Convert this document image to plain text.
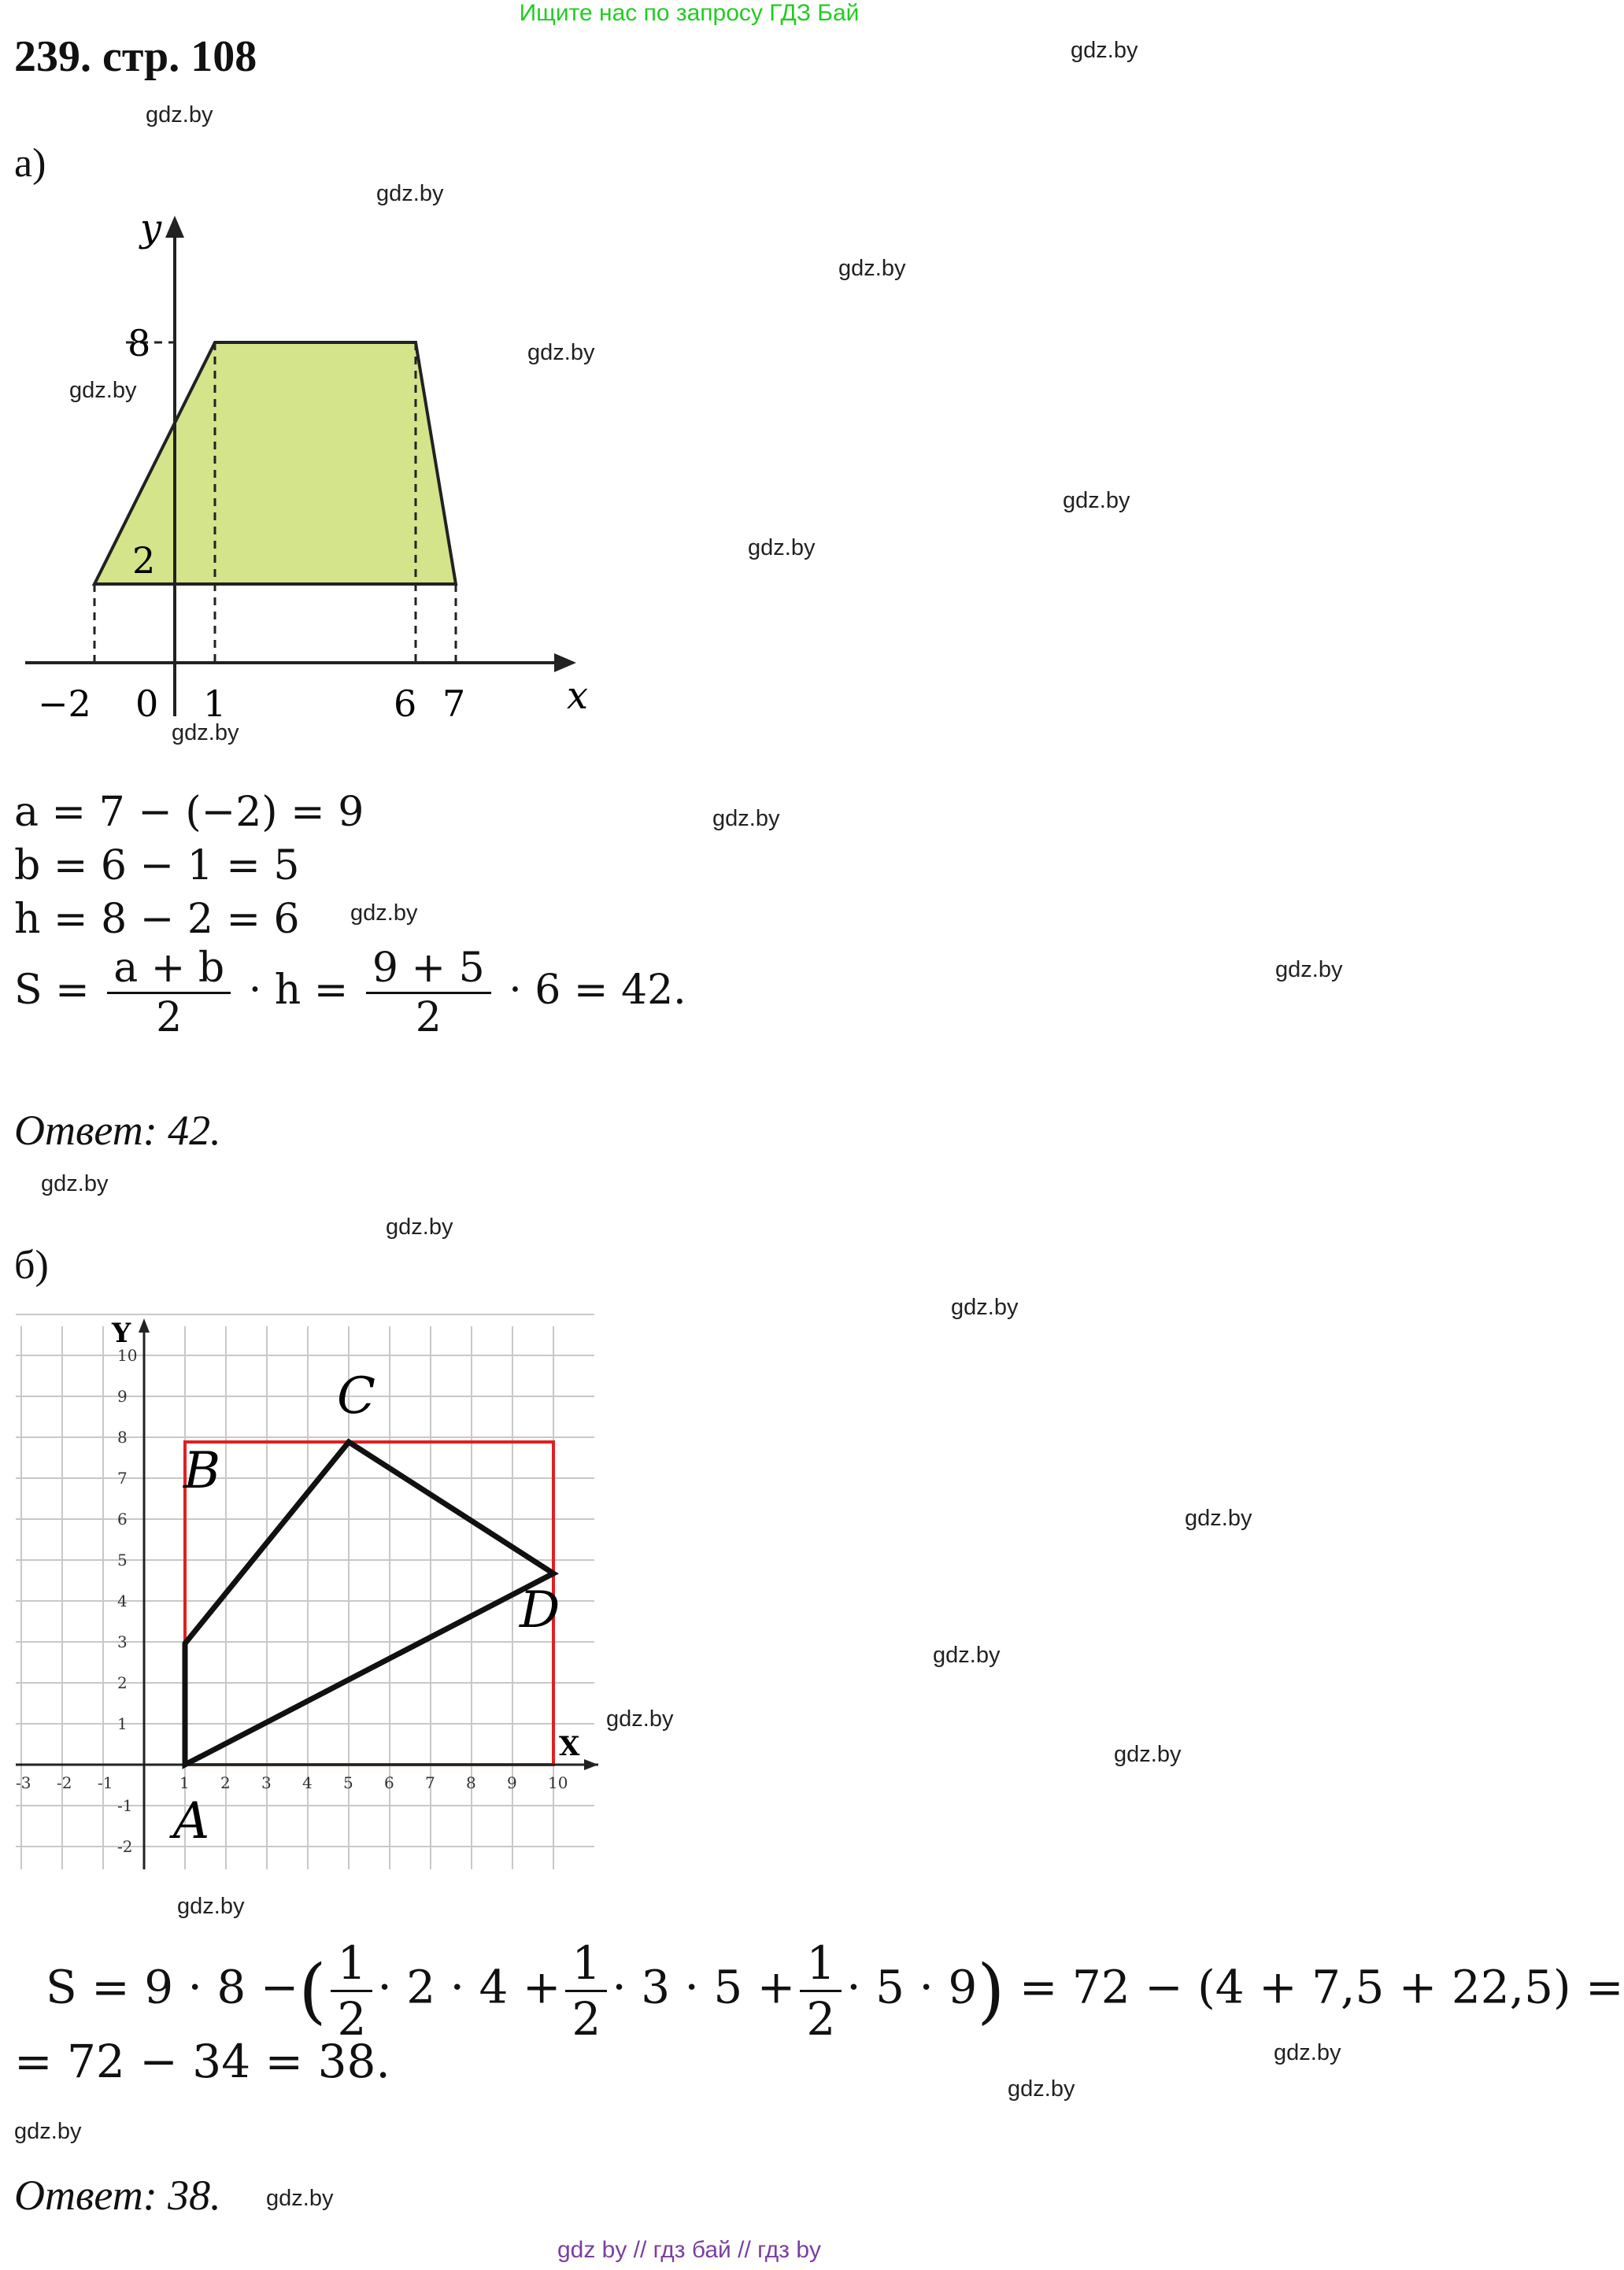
Ищите нас по запросу ГДЗ Бай
239. стр. 108	gdz.by
gdz.by
gdz.by
gdz.by
gdz.by
gdz.by
gdz.by
gdz.by
gdz.by
gdz.by
gdz.by
gdz.by
gdz.by
gdz.by
gdz.by
gdz.by
gdz.by
gdz.by
gdz.by
gdz.by
gdz.by
gdz.by
gdz.by
gdz.by
а)
y
x
8
2
−2 0 1	6 7
a = 7 − (−2) = 9
b = 6 − 1 = 5
h = 8 − 2 = 6
$S = \frac{a + b}{2} \cdot h = \frac{9 + 5}{2} \cdot 6 = 42$.
Ответ: 42.
б)
-3 -2 -1	1 2 3 4 5 6 7 8 9 10
10
9
8
7
6
5
4
3
2
1
-1
-2
Y
X
A
B
C
D
S = 9 · 8 −( $\frac{1}{2} \cdot 2 \cdot 4 + \frac{1}{2} \cdot 3 \cdot 5 + \frac{1}{2} \cdot 5 \cdot 9) = 72 - (4 + 7,5 + 22,5)$ =
= 72 − 34 = 38.
Ответ: 38.
gdz by // гдз бай // гдз by
